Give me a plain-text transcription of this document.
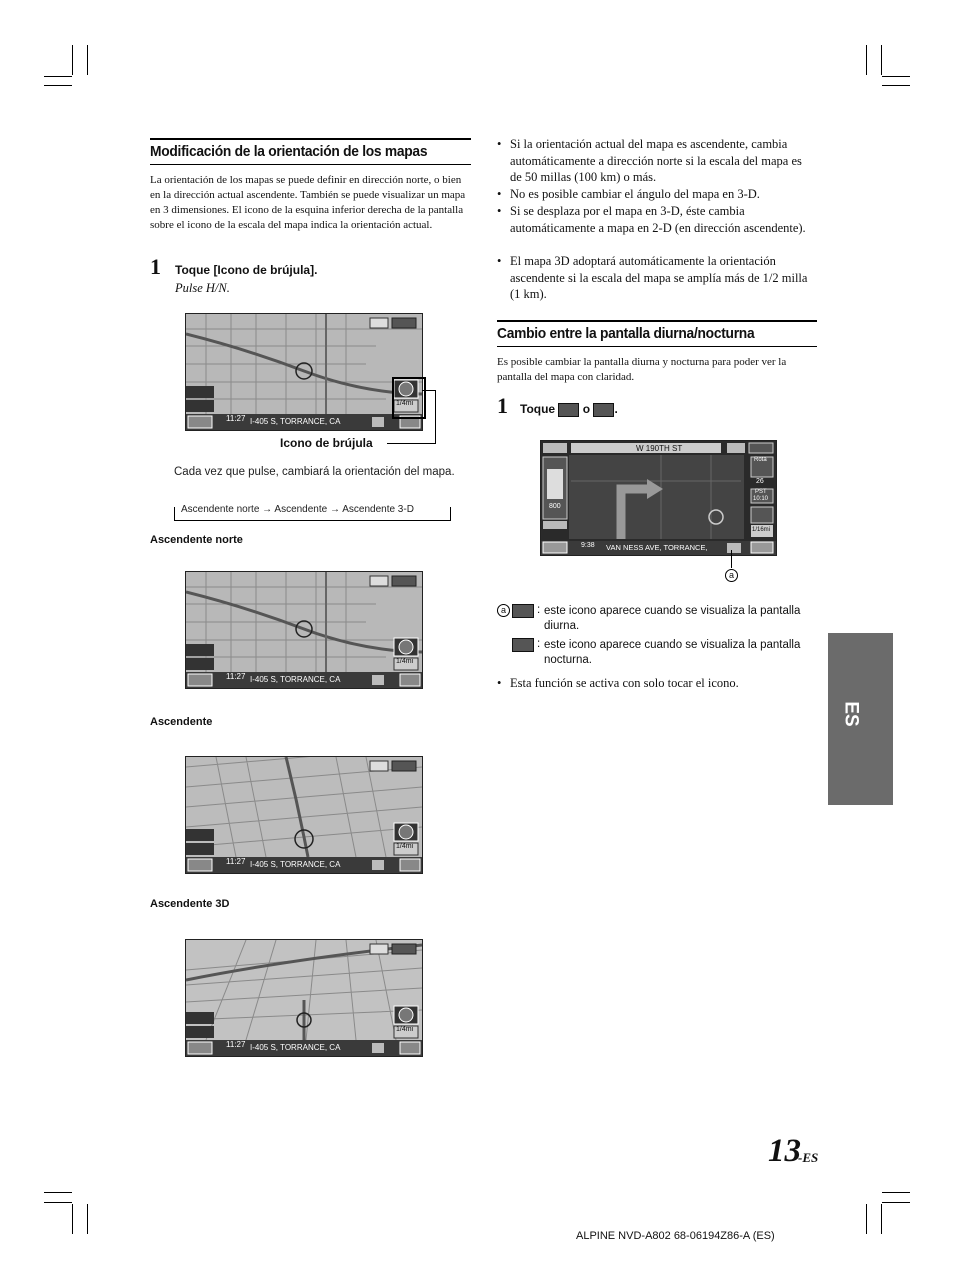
Modificación de la orientación de los mapas
La orientación de los mapas se puede definir en dirección norte, o bien en la dirección actual ascendente. También se puede visualizar un mapa en 3 dimensiones. El icono de la esquina inferior derecha de la pantalla sobre el icono de la escala del mapa indica la orientación actual.
1 Toque [Icono de brújula].
Pulse H/N.
11:27 I-405 S, TORRANCE, CA
1/4mi
Icono de brújula
Cada vez que pulse, cambiará la orientación del mapa.
Ascendente norte → Ascendente → Ascendente 3-D
Ascendente norte
11:27 I-405 S, TORRANCE, CA
1/4mi
Ascendente
11:27 I-405 S, TORRANCE, CA
1/4mi
Ascendente 3D
11:27 I-405 S, TORRANCE, CA
1/4mi
• Si la orientación actual del mapa es ascendente, cambia automáticamente a dirección norte si la escala del mapa es de 50 millas (100 km) o más.
• No es posible cambiar el ángulo del mapa en 3-D.
• Si se desplaza por el mapa en 3-D, éste cambia automáticamente a mapa en 2-D (en dirección ascendente).
• El mapa 3D adoptará automáticamente la orientación ascendente si la escala del mapa se amplía más de 1/2 milla (1 km).
Cambio entre la pantalla diurna/nocturna
Es posible cambiar la pantalla diurna y nocturna para poder ver la pantalla del mapa con claridad.
1 Toque o .
W 190TH ST
9:38 VAN NESS AVE, TORRANCE,
800
Rota
26
PST
10:10
1/16mi
a
a	: este icono aparece cuando se visualiza la pantalla diurna.
: este icono aparece cuando se visualiza la pantalla nocturna.
• Esta función se activa con solo tocar el icono.
ES
13
-ES
ALPINE NVD-A802 68-06194Z86-A (ES)
